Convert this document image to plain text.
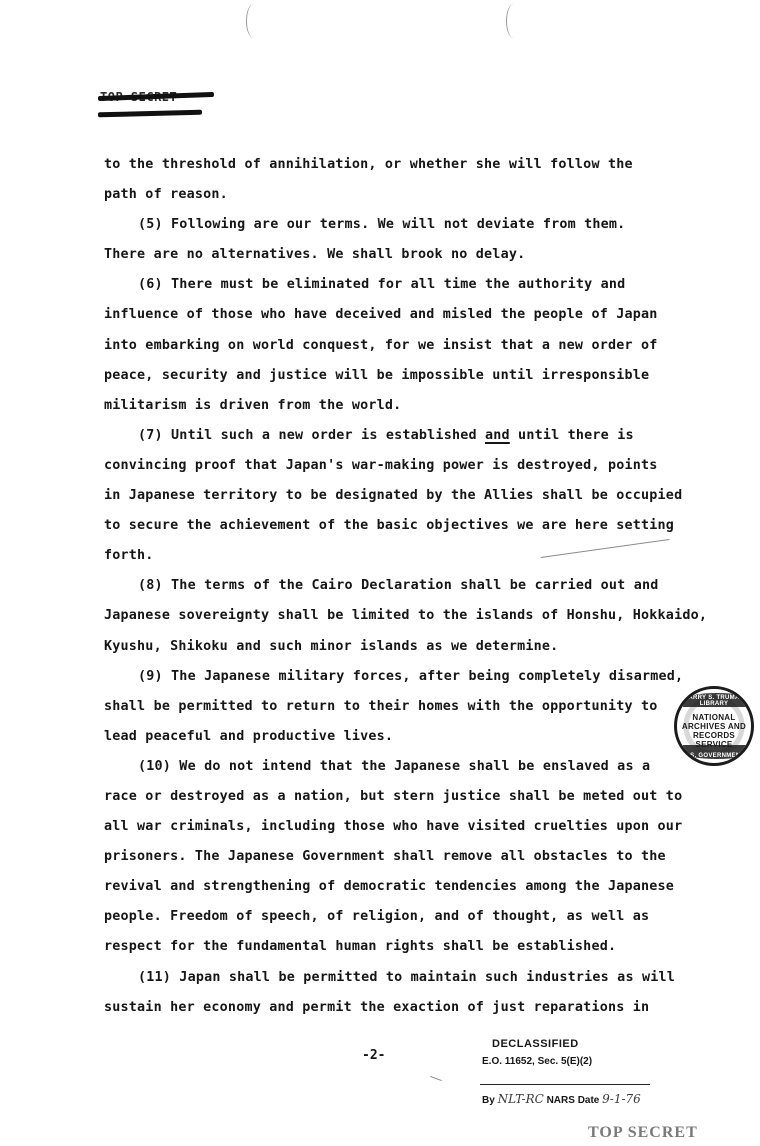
to the threshold of annihilation, or whether she will follow the
path of reason.
(5) Following are our terms. We will not deviate from them.
There are no alternatives. We shall brook no delay.
(6) There must be eliminated for all time the authority and
influence of those who have deceived and misled the people of Japan
into embarking on world conquest, for we insist that a new order of
peace, security and justice will be impossible until irresponsible
militarism is driven from the world.
(7) Until such a new order is established and until there is
convincing proof that Japan's war-making power is destroyed, points
in Japanese territory to be designated by the Allies shall be occupied
to secure the achievement of the basic objectives we are here setting
forth.
(8) The terms of the Cairo Declaration shall be carried out and
Japanese sovereignty shall be limited to the islands of Honshu, Hokkaido,
Kyushu, Shikoku and such minor islands as we determine.
(9) The Japanese military forces, after being completely disarmed,
shall be permitted to return to their homes with the opportunity to
lead peaceful and productive lives.
(10) We do not intend that the Japanese shall be enslaved as a
race or destroyed as a nation, but stern justice shall be meted out to
all war criminals, including those who have visited cruelties upon our
prisoners. The Japanese Government shall remove all obstacles to the
revival and strengthening of democratic tendencies among the Japanese
people. Freedom of speech, of religion, and of thought, as well as
respect for the fundamental human rights shall be established.
(11) Japan shall be permitted to maintain such industries as will
sustain her economy and permit the exaction of just reparations in
HARRY S. TRUMAN LIBRARY
NATIONAL
ARCHIVES AND
RECORDS
SERVICE
U.S. GOVERNMENT
-2-
DECLASSIFIED
E.O. 11652, Sec. 5(E)(2)
By NLT-RC NARS Date 9-1-76
TOP SECRET
